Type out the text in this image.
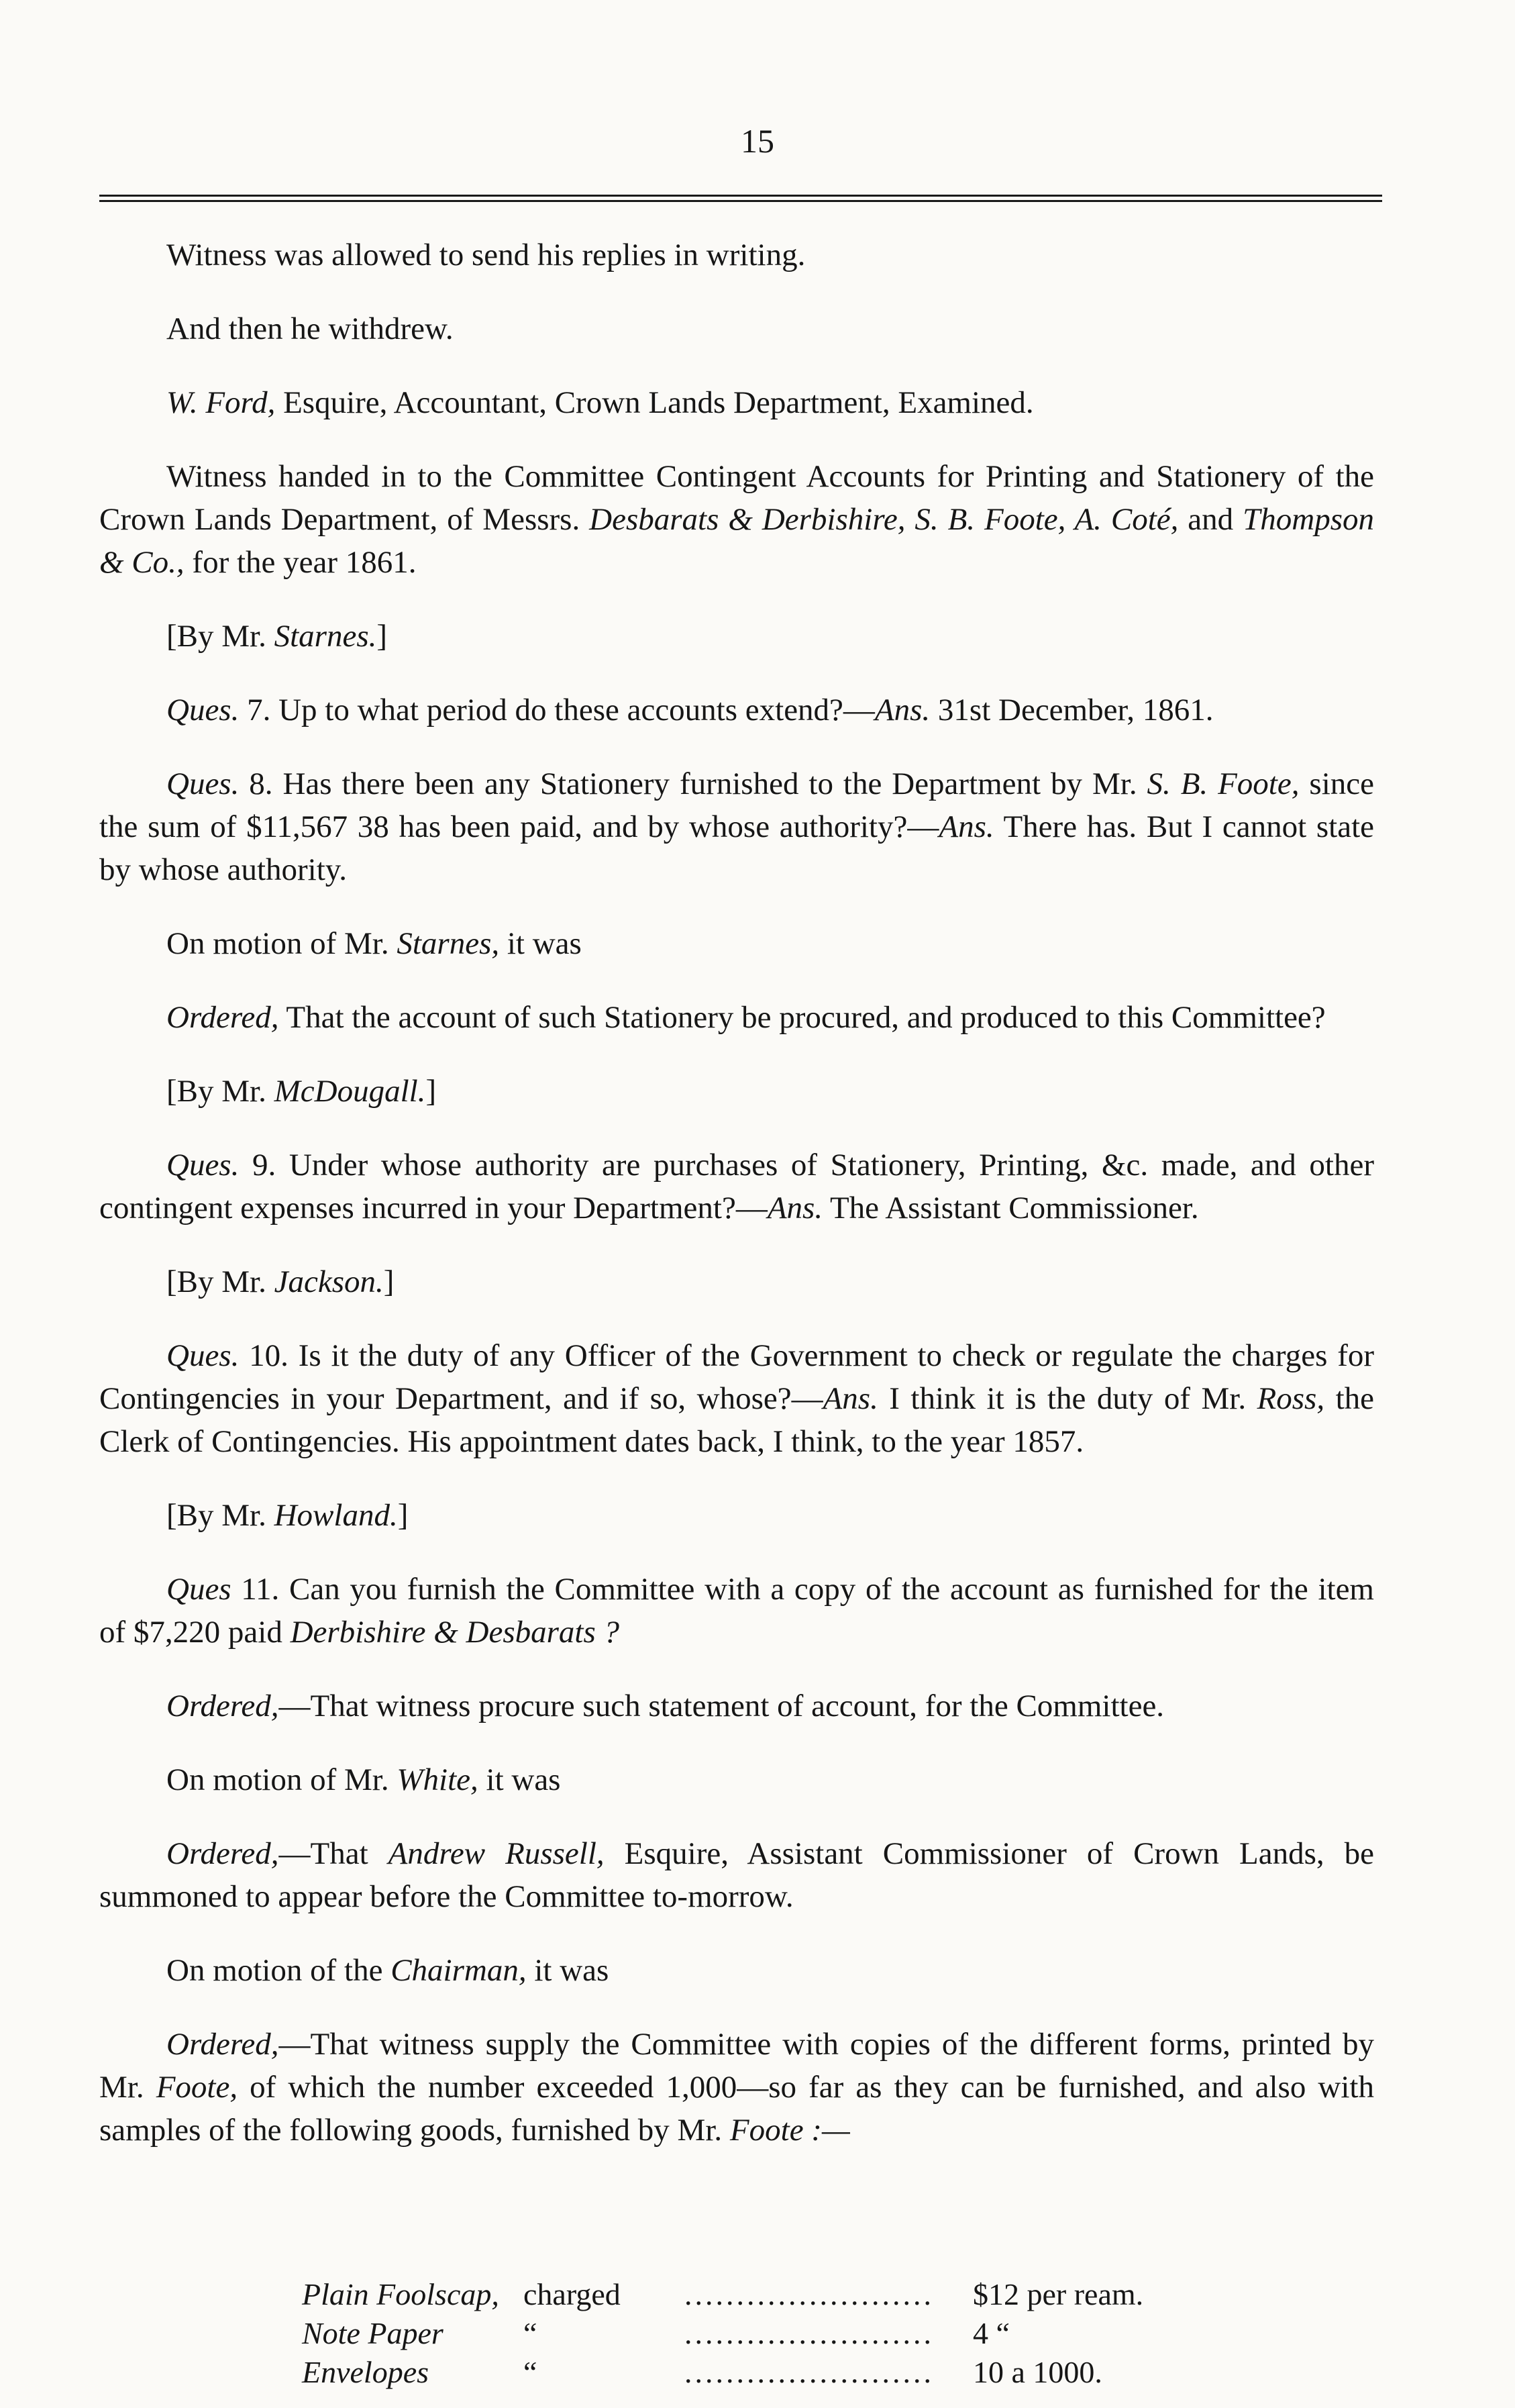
15

Witness was allowed to send his replies in writing.

And then he withdrew.

W. Ford, Esquire, Accountant, Crown Lands Department, Examined.

Witness handed in to the Committee Contingent Accounts for Printing and Stationery of the Crown Lands Department, of Messrs. Desbarats & Derbishire, S. B. Foote, A. Coté, and Thompson & Co., for the year 1861.

[By Mr. Starnes.]

Ques. 7. Up to what period do these accounts extend?—Ans. 31st December, 1861.

Ques. 8. Has there been any Stationery furnished to the Department by Mr. S. B. Foote, since the sum of $11,567 38 has been paid, and by whose authority?—Ans. There has. But I cannot state by whose authority.

On motion of Mr. Starnes, it was

Ordered, That the account of such Stationery be procured, and produced to this Committee?

[By Mr. McDougall.]

Ques. 9. Under whose authority are purchases of Stationery, Printing, &c. made, and other contingent expenses incurred in your Department?—Ans. The Assistant Commissioner.

[By Mr. Jackson.]

Ques. 10. Is it the duty of any Officer of the Government to check or regulate the charges for Contingencies in your Department, and if so, whose?—Ans. I think it is the duty of Mr. Ross, the Clerk of Contingencies. His appointment dates back, I think, to the year 1857.

[By Mr. Howland.]

Ques 11. Can you furnish the Committee with a copy of the account as furnished for the item of $7,220 paid Derbishire & Desbarats ?

Ordered,—That witness procure such statement of account, for the Committee.

On motion of Mr. White, it was

Ordered,—That Andrew Russell, Esquire, Assistant Commissioner of Crown Lands, be summoned to appear before the Committee to-morrow.

On motion of the Chairman, it was

Ordered,—That witness supply the Committee with copies of the different forms, printed by Mr. Foote, of which the number exceeded 1,000—so far as they can be furnished, and also with samples of the following goods, furnished by Mr. Foote :—

Plain Foolscap, charged ........................ $12 per ream.
Note Paper	“	........................ 4 “
Envelopes	“	........................ 10 a 1000.
